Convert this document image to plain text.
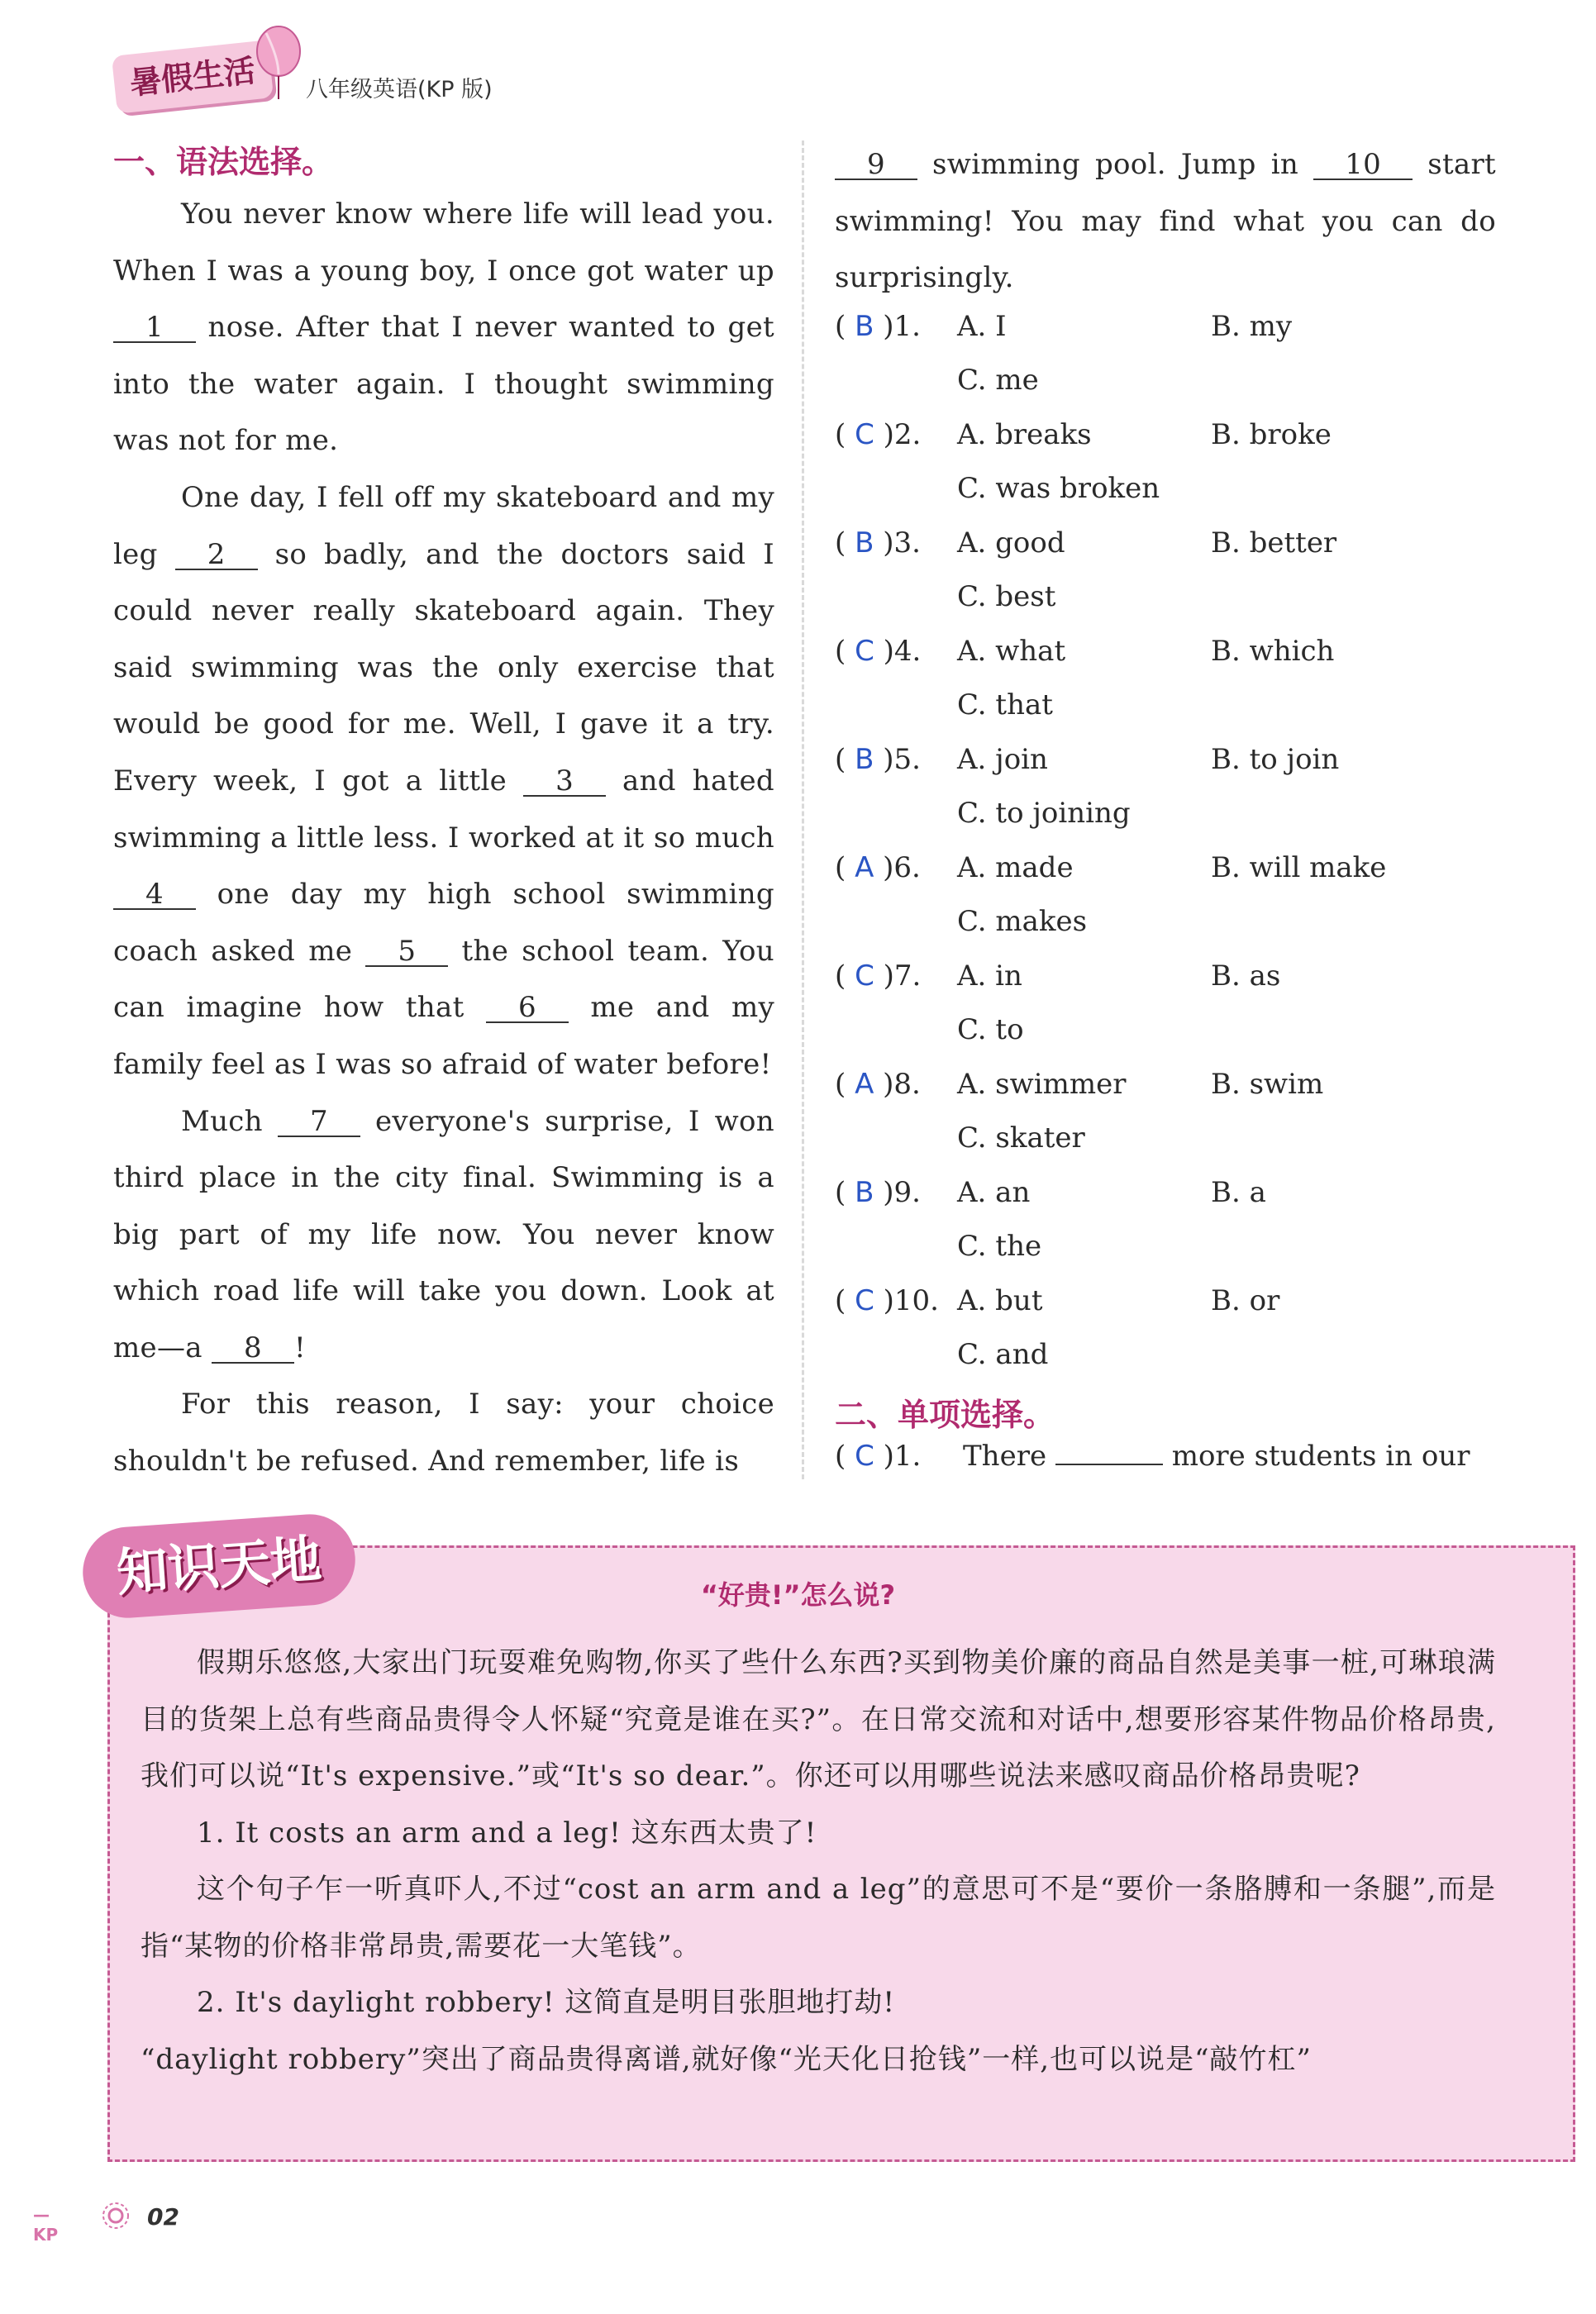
暑假生活	八年级英语(KP 版)
一、语法选择。

You never know where life will lead you. When I was a young boy, I once got water up 1 nose. After that I never wanted to get into the water again. I thought swimming was not for me.

One day, I fell off my skateboard and my leg 2 so badly, and the doctors said I could never really skateboard again. They said swimming was the only exercise that would be good for me. Well, I gave it a try. Every week, I got a little 3 and hated swimming a little less. I worked at it so much 4 one day my high school swimming coach asked me 5 the school team. You can imagine how that 6 me and my family feel as I was so afraid of water before!

Much 7 everyone's surprise, I won third place in the city final. Swimming is a big part of my life now. You never know which road life will take you down. Look at me—a 8 !

For this reason, I say: your choice shouldn't be refused. And remember, life is

9 swimming pool. Jump in 10 start swimming! You may find what you can do surprisingly.

( B )1. A. I	B. my
C. me
( C )2. A. breaks	B. broke
C. was broken
( B )3. A. good	B. better
C. best
( C )4. A. what	B. which
C. that
( B )5. A. join	B. to join
C. to joining
( A )6. A. made	B. will make
C. makes
( C )7. A. in	B. as
C. to
( A )8. A. swimmer	B. swim
C. skater
( B )9. A. an	B. a
C. the
( C )10. A. but	B. or
C. and
二、单项选择。
( C )1. There	more students in our
知识天地	“好贵!”怎么说?

假期乐悠悠,大家出门玩耍难免购物,你买了些什么东西?买到物美价廉的商品自然是美事一桩,可琳琅满目的货架上总有些商品贵得令人怀疑“究竟是谁在买?”。在日常交流和对话中,想要形容某件物品价格昂贵,我们可以说“It's expensive.”或“It's so dear.”。你还可以用哪些说法来感叹商品价格昂贵呢?

1. It costs an arm and a leg! 这东西太贵了!

这个句子乍一听真吓人,不过“cost an arm and a leg”的意思可不是“要价一条胳膊和一条腿”,而是指“某物的价格非常昂贵,需要花一大笔钱”。

2. It's daylight robbery! 这简直是明目张胆地打劫!

“daylight robbery”突出了商品贵得离谱,就好像“光天化日抢钱”一样,也可以说是“敲竹杠”

— KP
02
